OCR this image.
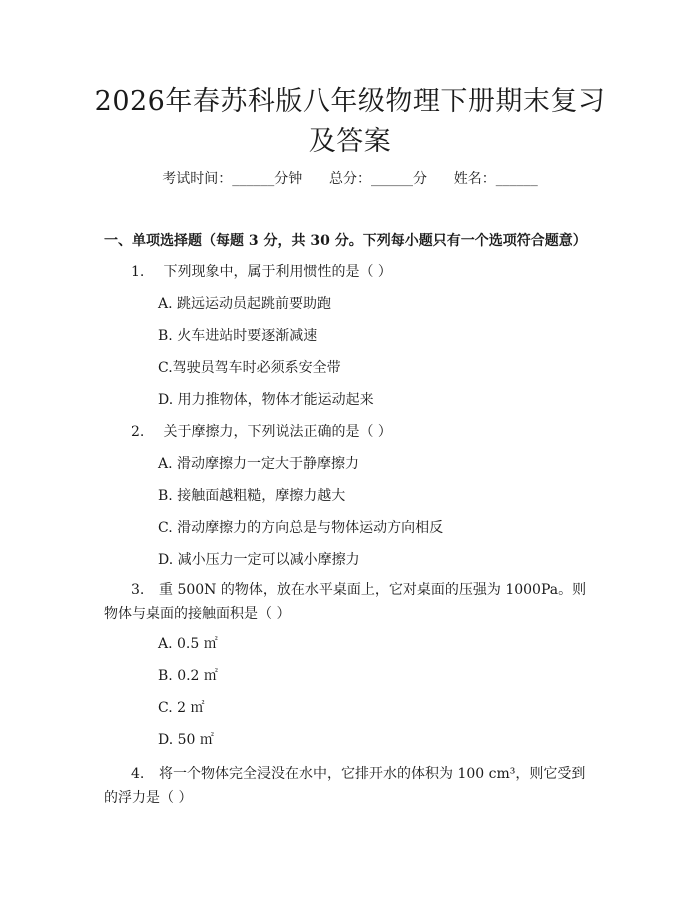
2026年春苏科版八年级物理下册期末复习及答案
考试时间：______分钟      总分：______分      姓名：______
一、单项选择题（每题 3 分，共 30 分。下列每小题只有一个选项符合题意）
1. 下列现象中，属于利用惯性的是（ ）
A. 跳远运动员起跳前要助跑
B. 火车进站时要逐渐减速
C.驾驶员驾车时必须系安全带
D. 用力推物体，物体才能运动起来
2. 关于摩擦力，下列说法正确的是（ ）
A. 滑动摩擦力一定大于静摩擦力
B. 接触面越粗糙，摩擦力越大
C. 滑动摩擦力的方向总是与物体运动方向相反
D. 减小压力一定可以减小摩擦力
3. 重 500N 的物体，放在水平桌面上，它对桌面的压强为 1000Pa。则物体与桌面的接触面积是（ ）
A. 0.5 ㎡
B. 0.2 ㎡
C. 2 ㎡
D. 50 ㎡
4. 将一个物体完全浸没在水中，它排开水的体积为 100 cm³，则它受到的浮力是（ ）
